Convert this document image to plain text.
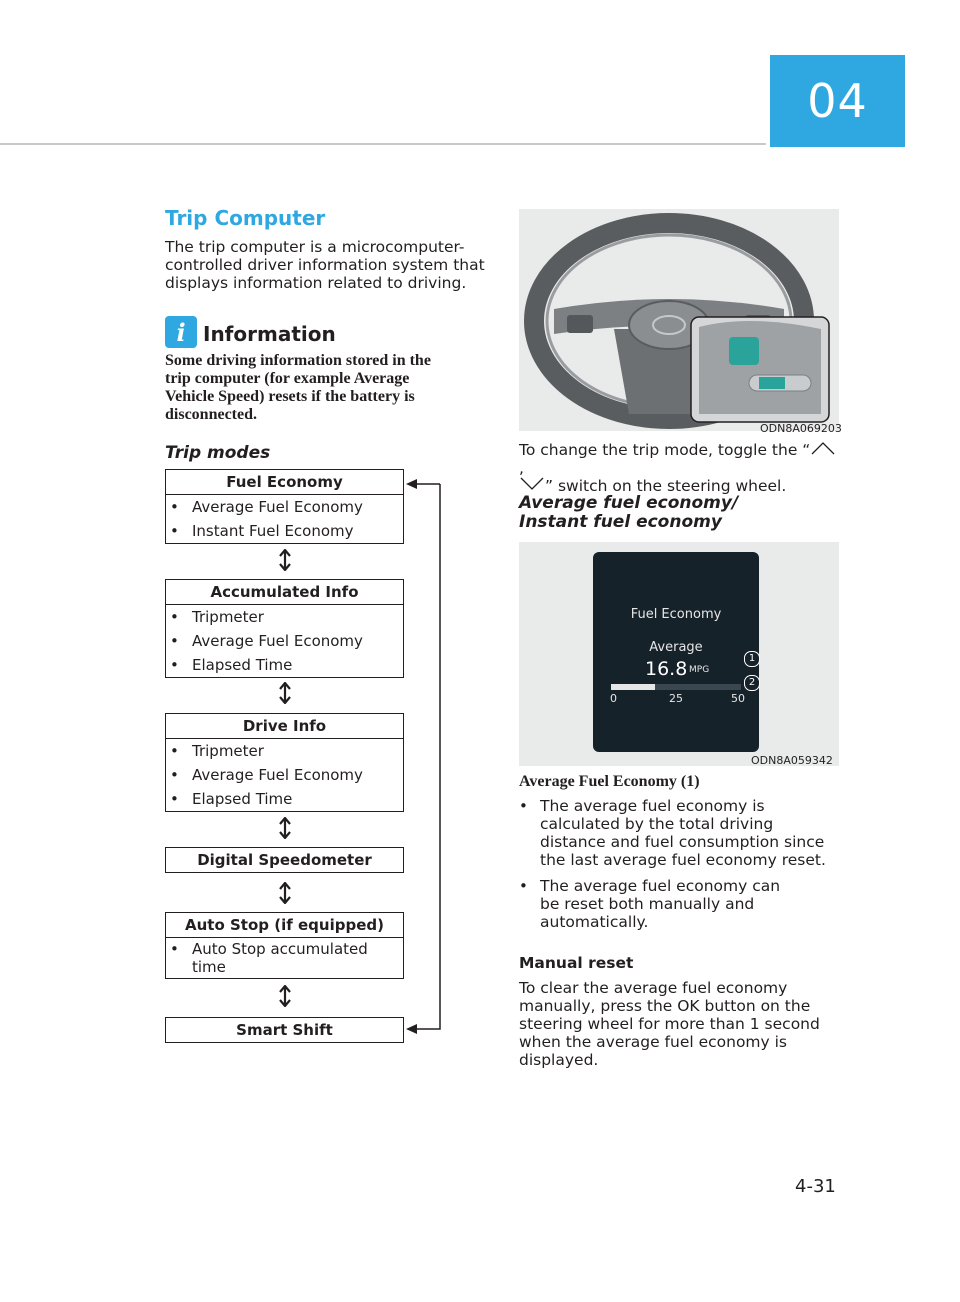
04
Trip Computer
The trip computer is a microcomputer-
controlled driver information system that
displays information related to driving.
i Information
Some driving information stored in the
trip computer (for example Average
Vehicle Speed) resets if the battery is
disconnected.
Trip modes
Fuel Economy
• Average Fuel Economy
• Instant Fuel Economy
Accumulated Info
• Tripmeter
• Average Fuel Economy
• Elapsed Time
Drive Info
• Tripmeter
• Average Fuel Economy
• Elapsed Time
Digital Speedometer
Auto Stop (if equipped)
• Auto Stop accumulated
time
Smart Shift
ODN8A069203
To change the trip mode, toggle the “,
” switch on the steering wheel.
Average fuel economy/
Instant fuel economy
Fuel Economy
Average
16.8 MPG
0	25	50
1
2
ODN8A059342
Average Fuel Economy (1)
• The average fuel economy is
calculated by the total driving
distance and fuel consumption since
the last average fuel economy reset.
• The average fuel economy can
be reset both manually and
automatically.
Manual reset
To clear the average fuel economy
manually, press the OK button on the
steering wheel for more than 1 second
when the average fuel economy is
displayed.
4-31
